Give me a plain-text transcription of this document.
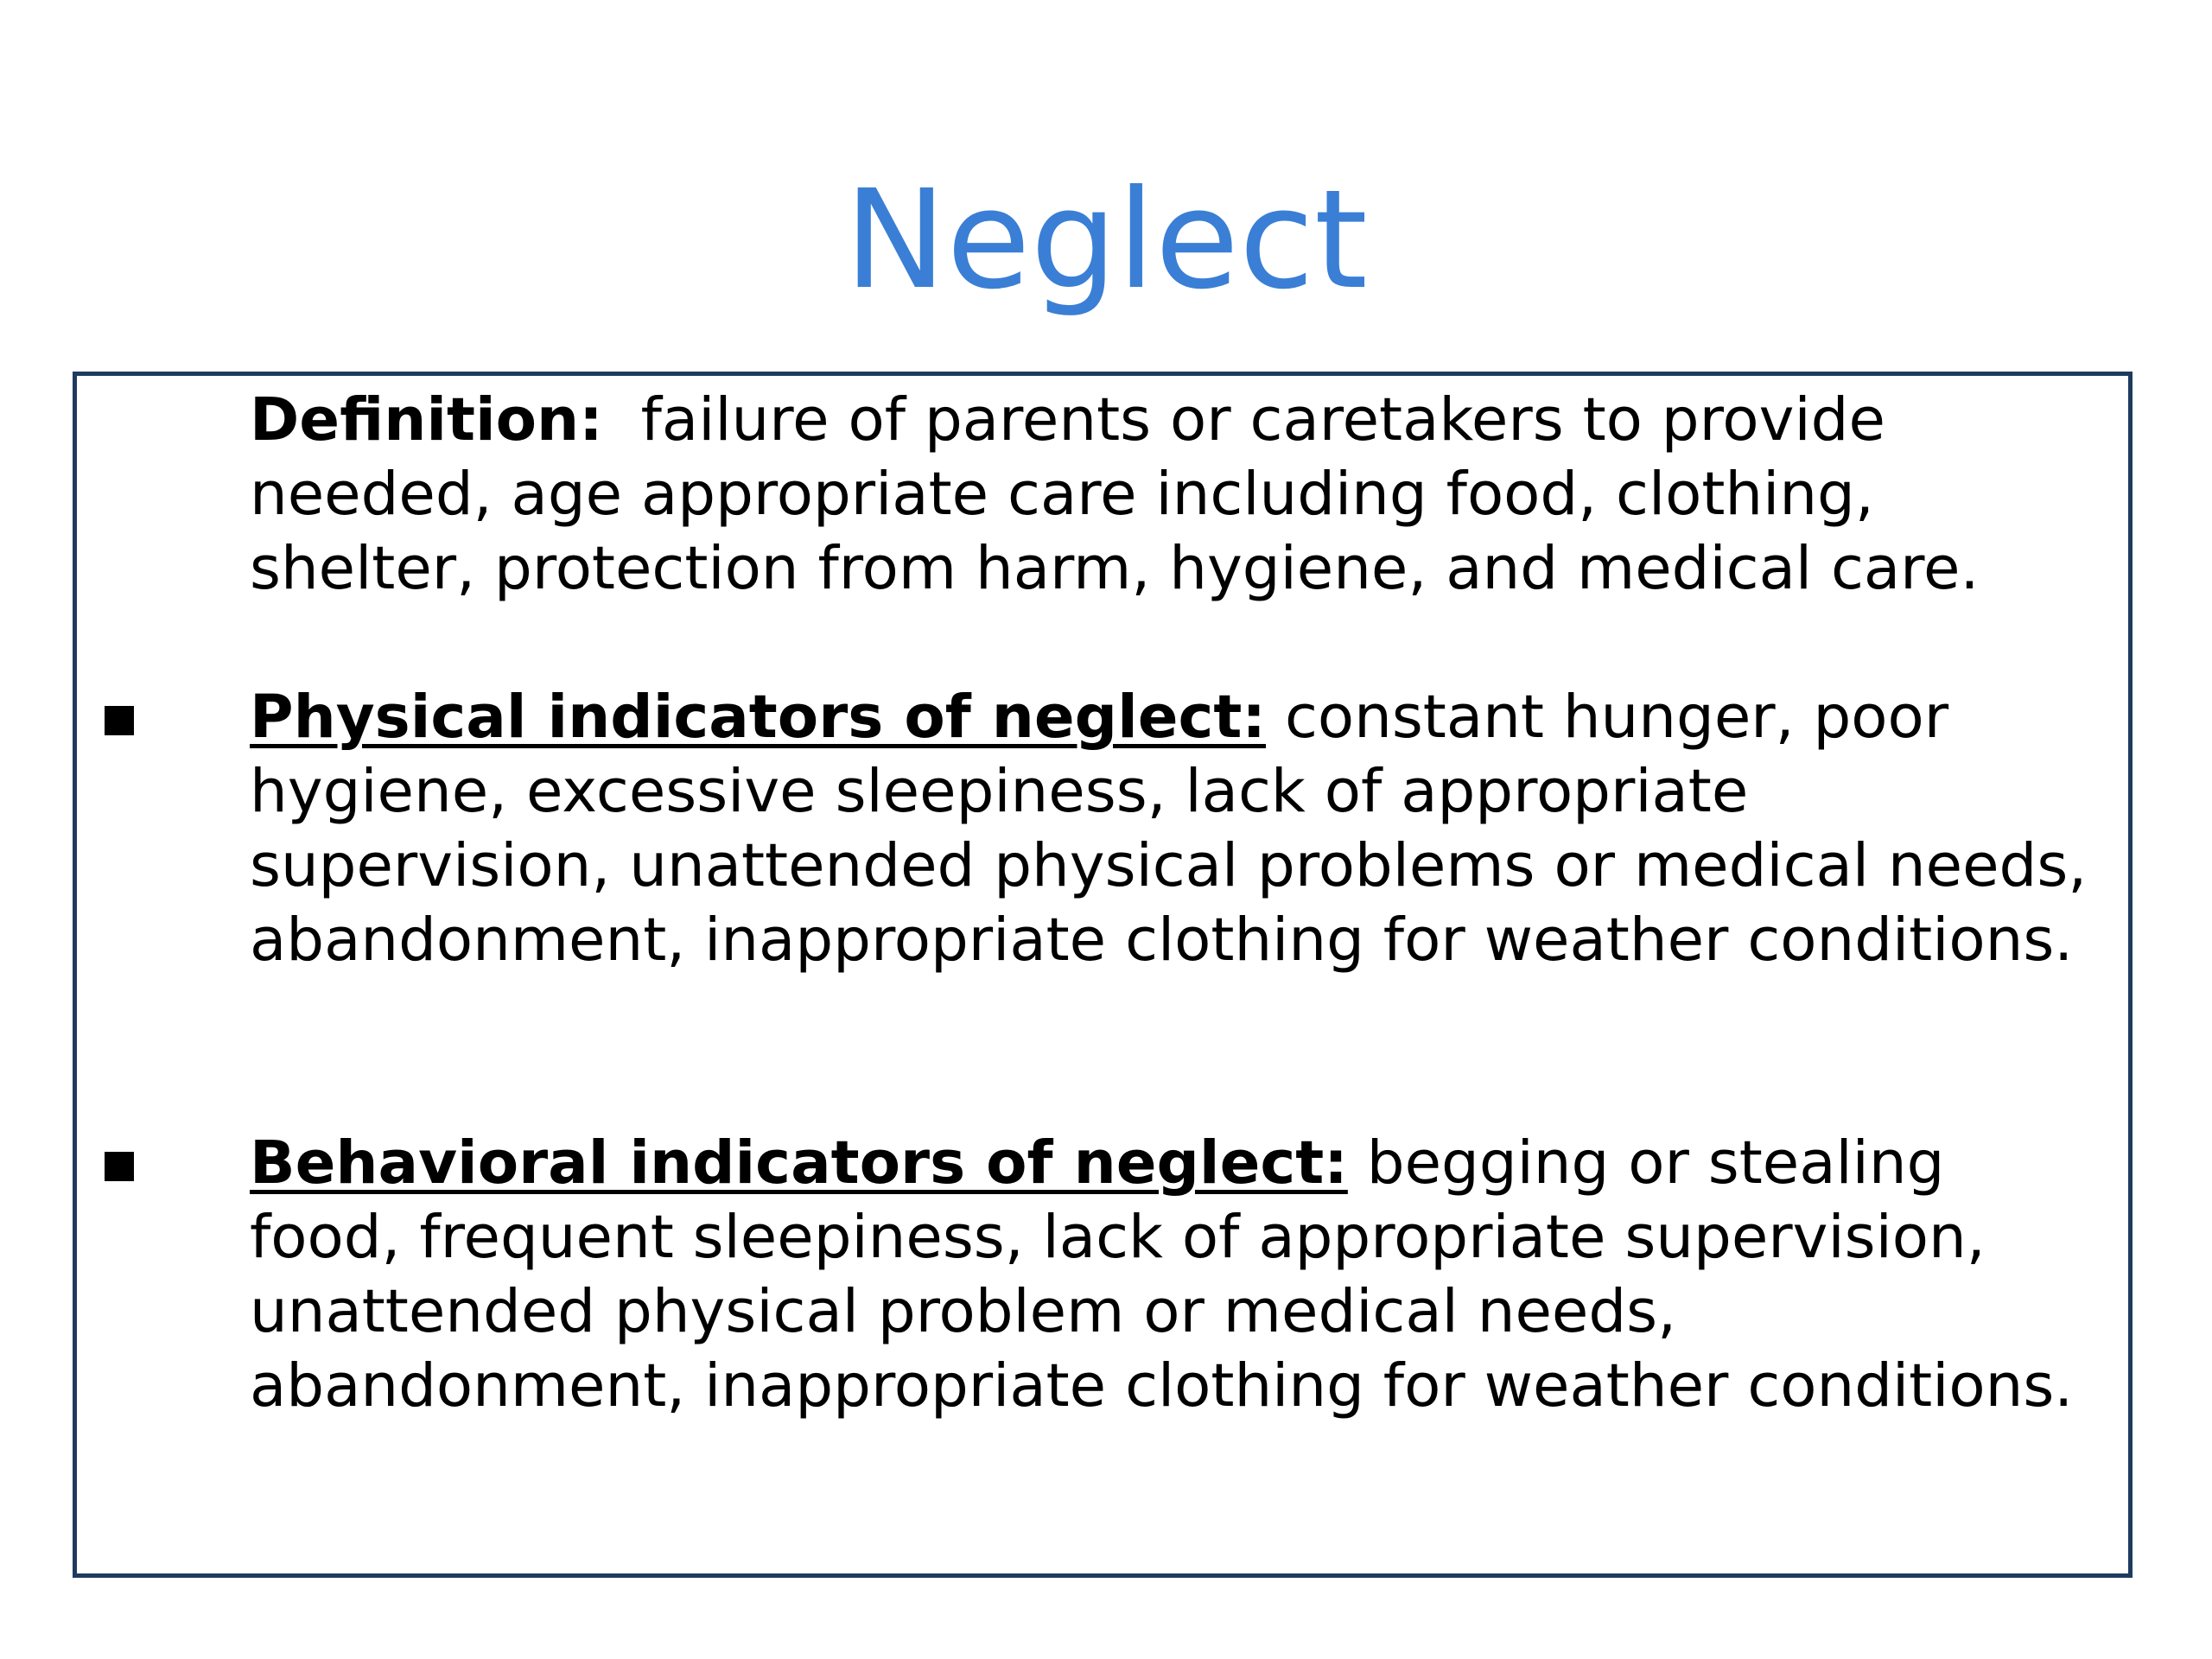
Neglect

Definition: failure of parents or caretakers to provide needed, age appropriate care including food, clothing, shelter, protection from harm, hygiene, and medical care.

Physical indicators of neglect: constant hunger, poor hygiene, excessive sleepiness, lack of appropriate supervision, unattended physical problems or medical needs, abandonment, inappropriate clothing for weather conditions.

Behavioral indicators of neglect: begging or stealing food, frequent sleepiness, lack of appropriate supervision, unattended physical problem or medical needs, abandonment, inappropriate clothing for weather conditions.
